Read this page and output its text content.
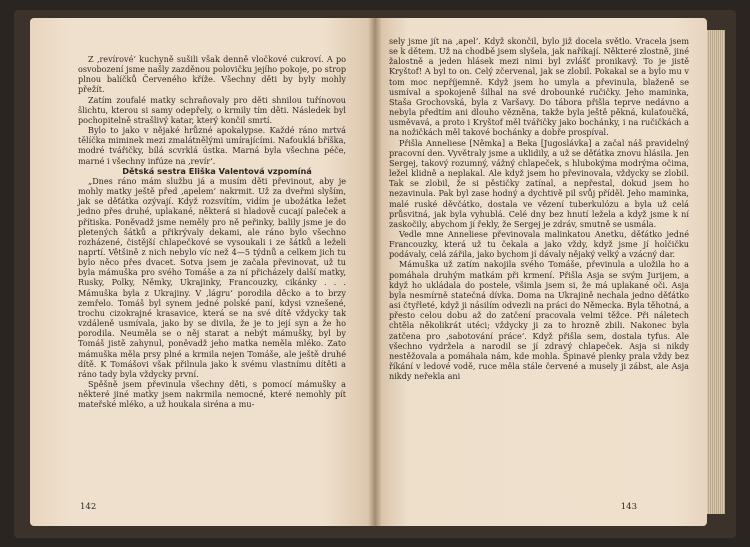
Z ‚revírové‘ kuchyně sušili však denně vločkové cukroví. A po osvobození jsme našly zazděnou polovičku jejího pokoje, po strop plnou balíčků Červeného kříže. Všechny děti by byly mohly přežít.

Zatím zoufalé matky schraňovaly pro děti shnilou tuřínovou šlichtu, kterou si samy odepřely, o krmily tím děti. Následek byl pochopitelně strašlivý katar, který končil smrtí.

Bylo to jako v nějaké hrůzné apokalypse. Každé ráno mrtvá tělíčka miminek mezi zmalátnělými umírajícími. Nafouklá bříška, modré tvářičky, bílá scvrklá ústka. Marná byla všechna péče, marné i všechny infúze na ‚revír‘.

Dětská sestra Eliška Valentová vzpomíná

„Dnes ráno mám službu já a musím děti převinout, aby je mohly matky ještě před ‚apelem‘ nakrmit. Už za dveřmi slyším, jak se děťátka ozývají. Když rozsvítím, vidím je ubožátka ležet jedno přes druhé, uplakané, některá si hladově cucají paleček a přítiska. Poněvadž jsme neměly pro ně peřinky, balily jsme je do pletených šátků a přikrývaly dekami, ale ráno bylo všechno rozházené, čistější chlapečkové se vysoukali i ze šátků a leželi naprtí. Většině z nich nebylo víc než 4—5 týdnů a celkem jich tu bylo něco přes dvacet. Sotva jsem je začala převinovat, už tu byla mámuška pro svého Tomáše a za ní přicházely další matky, Rusky, Polky, Němky, Ukrajinky, Francouzky, cikánky . . . Mámuška byla z Ukrajiny. V ‚lágru‘ porodila děcko a to brzy zemřelo. Tomáš byl synem jedné polské paní, kdysi vznešené, trochu cizokrajné krasavice, která se na své dítě vždycky tak vzdáleně usmívala, jako by se divila, že je to její syn a že ho porodila. Neuměla se o něj starat a nebýt mámušky, byl by Tomáš jistě zahynul, poněvadž jeho matka neměla mléko. Zato mámuška měla prsy plné a krmila nejen Tomáše, ale ještě druhé dítě. K Tomášovi však přilnula jako k svému vlastnímu dítěti a ráno tady byla vždycky první.

Spěšně jsem převinula všechny děti, s pomocí mámušky a některé jiné matky jsem nakrmila nemocné, které nemohly pít mateřské mléko, a už houkala siréna a mu-

142

sely jsme jít na ‚apel‘. Když skončil, bylo již docela světlo. Vracela jsem se k dětem. Už na chodbě jsem slyšela, jak naříkají. Některé zlostně, jiné žalostně a jeden hlásek mezi nimi byl zvlášť pronikavý. To je jistě Kryštof! A byl to on. Celý zčervenal, jak se zlobil. Pokakal se a bylo mu v tom moc nepříjemně. Když jsem ho umyla a převinula, blaženě se usmíval a spokojeně šilhal na své drobounké ručičky. Jeho maminka, Staša Grochovská, byla z Varšavy. Do tábora přišla teprve nedávno a nebyla předtím ani dlouho vězněna, takže byla ještě pěkná, kulaťoučká, usměvavá, a proto i Kryštof měl tvářičky jako bochánky, i na ručičkách a na nožičkách měl takové bochánky a dobře prospíval.

Přišla Anneliese [Němka] a Beka [Jugoslávka] a začal náš pravidelný pracovní den. Vyvětraly jsme a uklidily, a už se děťátka znovu hlásila. Jen Sergej, takový rozumný, vážný chlapeček, s hlubokýma modrýma očima, ležel klidně a neplakal. Ale když jsem ho převinovala, vždycky se zlobil. Tak se zlobil, že si pěstičky zatínal, a nepřestal, dokud jsem ho nezavinula. Pak byl zase hodný a dychtivě pil svůj příděl. Jeho maminka, malé ruské děvčátko, dostala ve vězení tuberkulózu a byla už celá průsvitná, jak byla vyhublá. Celé dny bez hnutí ležela a když jsme k ní zaskočily, abychom jí řekly, že Sergej je zdráv, smutně se usmála.

Vedle mne Anneliese převinovala malinkatou Anetku, děťátko jedné Francouzky, která už tu čekala a jako vždy, když jsme jí holčičku podávaly, celá zářila, jako bychom jí dávaly nějaký velký a vzácný dar.

Mámuška už zatím nakojila svého Tomáše, převinula a uložila ho a pomáhala druhým matkám při krmení. Přišla Asja se svým Jurijem, a když ho ukládala do postele, všimla jsem si, že má uplakané oči. Asja byla nesmírně statečná dívka. Doma na Ukrajině nechala jedno děťátko asi čtyřleté, když ji násilím odvezli na práci do Německa. Byla těhotná, a přesto celou dobu až do zatčení pracovala velmi těžce. Při náletech chtěla několikrát utéci; vždycky ji za to hrozně zbili. Nakonec byla zatčena pro ‚sabotování práce‘. Když přišla sem, dostala tyfus. Ale všechno vydržela a narodil se jí zdravý chlapeček. Asja si nikdy nestěžovala a pomáhala nám, kde mohla. Špinavé plenky prala vždy bez říkání v ledové vodě, ruce měla stále červené a musely ji zábst, ale Asja nikdy neřekla ani

143
